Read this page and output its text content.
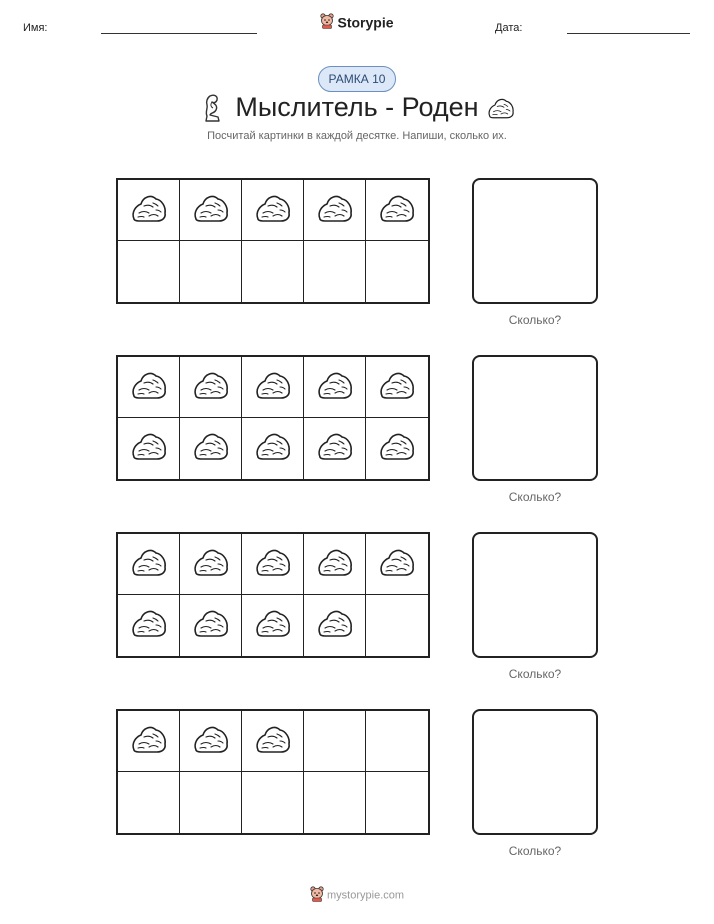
Имя:	Storypie	Дата:
РАМКА 10
Мыслитель - Роден
Посчитай картинки в каждой десятке. Напиши, сколько их.
Сколько?
Сколько?
Сколько?
Сколько?
mystorypie.com
